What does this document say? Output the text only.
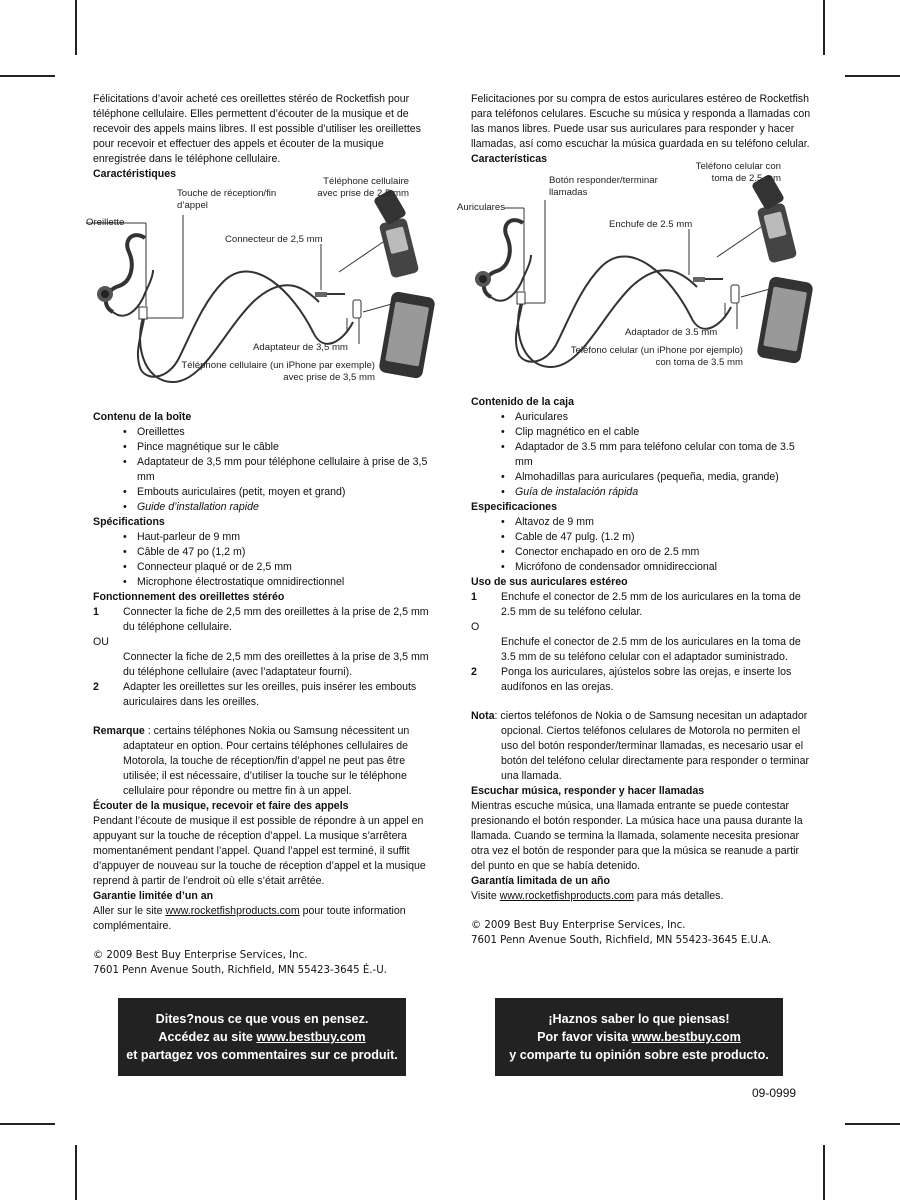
Félicitations d’avoir acheté ces oreillettes stéréo de Rocketfish pour téléphone cellulaire. Elles permettent d’écouter de la musique et de recevoir des appels mains libres. Il est possible d’utiliser les oreillettes pour recevoir et effectuer des appels et écouter de la musique enregistrée dans le téléphone cellulaire.

Caractéristiques

Oreillette
Touche de réception/fin d’appel
Téléphone cellulaire avec prise de 2,5 mm
Connecteur de 2,5 mm
Adaptateur de 3,5 mm
Téléphone cellulaire (un iPhone par exemple) avec prise de 3,5 mm

Contenu de la boîte

• Oreillettes
• Pince magnétique sur le câble
• Adaptateur de 3,5 mm pour téléphone cellulaire à prise de 3,5 mm
• Embouts auriculaires (petit, moyen et grand)
• Guide d’installation rapide

Spécifications

• Haut-parleur de 9 mm
• Câble de 47 po (1,2 m)
• Connecteur plaqué or de 2,5 mm
• Microphone électrostatique omnidirectionnel

Fonctionnement des oreillettes stéréo

1 Connecter la fiche de 2,5 mm des oreillettes à la prise de 2,5 mm du téléphone cellulaire.

OU

Connecter la fiche de 2,5 mm des oreillettes à la prise de 3,5 mm du téléphone cellulaire (avec l’adaptateur fourni).
2 Adapter les oreillettes sur les oreilles, puis insérer les embouts auriculaires dans les oreilles.

Remarque : certains téléphones Nokia ou Samsung nécessitent un adaptateur en option. Pour certains téléphones cellulaires de Motorola, la touche de réception/fin d’appel ne peut pas être utilisée; il est nécessaire, d’utiliser la touche sur le téléphone cellulaire pour répondre ou mettre fin à un appel.

Écouter de la musique, recevoir et faire des appels

Pendant l’écoute de musique il est possible de répondre à un appel en appuyant sur la touche de réception d’appel. La musique s’arrêtera momentanément pendant l’appel. Quand l’appel est terminé, il suffit d’appuyer de nouveau sur la touche de réception d’appel et la musique reprend à partir de l’endroit où elle s’était arrêtée.

Garantie limitée d’un an

Aller sur le site www.rocketfishproducts.com pour toute information complémentaire.

© 2009 Best Buy Enterprise Services, Inc.

7601 Penn Avenue South, Richfield, MN 55423-3645 É.-U.

Felicitaciones por su compra de estos auriculares estéreo de Rocketfish para teléfonos celulares. Escuche su música y responda a llamadas con las manos libres. Puede usar sus auriculares para responder y hacer llamadas, así como escuchar la música guardada en su teléfono celular.

Características

Auriculares
Botón responder/terminar llamadas
Teléfono celular con toma de 2.5 mm
Enchufe de 2.5 mm
Adaptador de 3.5 mm
Teléfono celular (un iPhone por ejemplo) con toma de 3.5 mm

Contenido de la caja

• Auriculares
• Clip magnético en el cable
• Adaptador de 3.5 mm para teléfono celular con toma de 3.5 mm
• Almohadillas para auriculares (pequeña, media, grande)
• Guía de instalación rápida

Especificaciones

• Altavoz de 9 mm
• Cable de 47 pulg. (1.2 m)
• Conector enchapado en oro de 2.5 mm
• Micrófono de condensador omnidireccional

Uso de sus auriculares estéreo

1 Enchufe el conector de 2.5 mm de los auriculares en la toma de 2.5 mm de su teléfono celular.

O

Enchufe el conector de 2.5 mm de los auriculares en la toma de 3.5 mm de su teléfono celular con el adaptador suministrado.
2 Ponga los auriculares, ajústelos sobre las orejas, e inserte los audífonos en las orejas.

Nota: ciertos teléfonos de Nokia o de Samsung necesitan un adaptador opcional. Ciertos teléfonos celulares de Motorola no permiten el uso del botón responder/terminar llamadas, es necesario usar el botón del teléfono celular directamente para responder o terminar una llamada.

Escuchar música, responder y hacer llamadas

Mientras escuche música, una llamada entrante se puede contestar presionando el botón responder. La música hace una pausa durante la llamada. Cuando se termina la llamada, solamente necesita presionar otra vez el botón de responder para que la música se reanude a partir del punto en que se había detenido.

Garantía limitada de un año

Visite www.rocketfishproducts.com para más detalles.

© 2009 Best Buy Enterprise Services, Inc.

7601 Penn Avenue South, Richfield, MN 55423-3645 E.U.A.

Dites?nous ce que vous en pensez.
Accédez au site www.bestbuy.com
et partagez vos commentaires sur ce produit.
¡Haznos saber lo que piensas!
Por favor visita www.bestbuy.com
y comparte tu opinión sobre este producto.
09-0999
